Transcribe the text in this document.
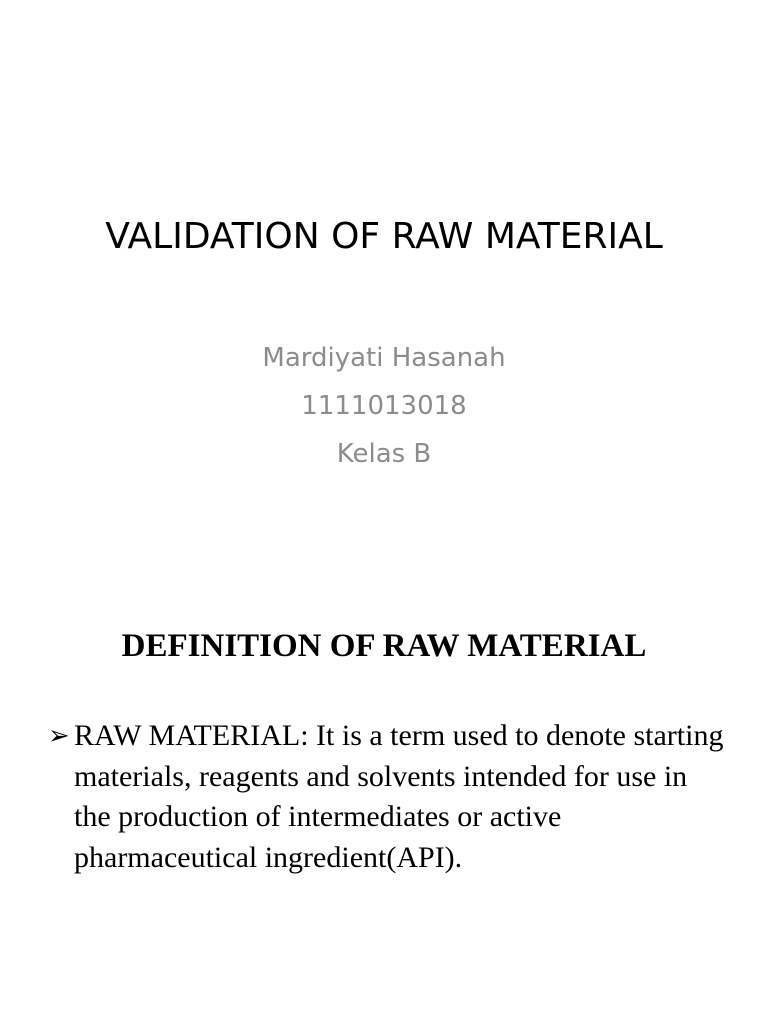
VALIDATION OF RAW MATERIAL
Mardiyati Hasanah
1111013018
Kelas B
DEFINITION OF RAW MATERIAL
➢ RAW MATERIAL: It is a term used to denote starting materials, reagents and solvents intended for use in the production of intermediates or active pharmaceutical ingredient(API).
